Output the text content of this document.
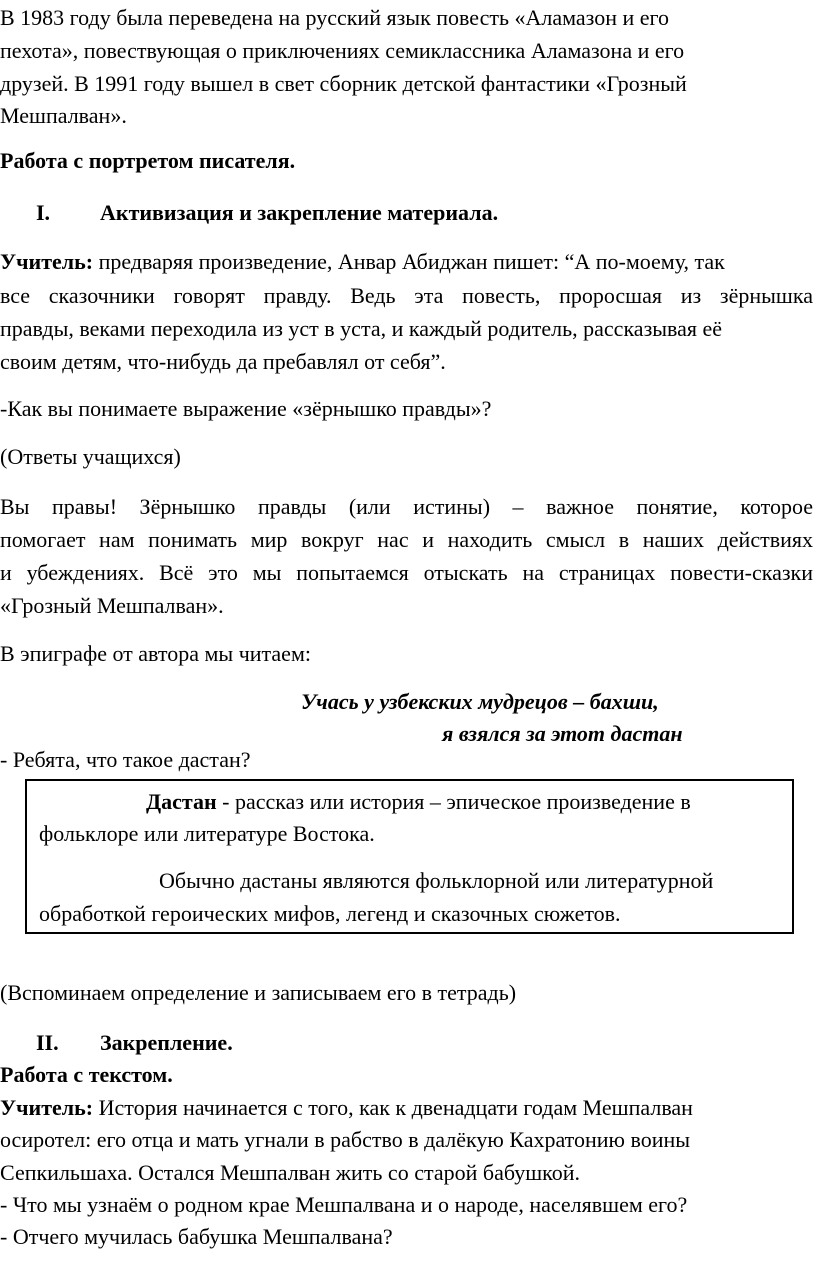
В 1983 году была переведена на русский язык повесть «Аламазон и его
пехота», повествующая о приключениях семиклассника Аламазона и его
друзей. В 1991 году вышел в свет сборник детской фантастики «Грозный
Мешпалван».
Работа с портретом писателя.
I. Активизация и закрепление материала.
Учитель: предваряя произведение, Анвар Абиджан пишет: “А по-моему, так
все сказочники говорят правду. Ведь эта повесть, проросшая из зёрнышка
правды, веками переходила из уст в уста, и каждый родитель, рассказывая её
своим детям, что-нибудь да пребавлял от себя”.
-Как вы понимаете выражение «зёрнышко правды»?
(Ответы учащихся)
Вы правы! Зёрнышко правды (или истины) – важное понятие, которое
помогает нам понимать мир вокруг нас и находить смысл в наших действиях
и убеждениях. Всё это мы попытаемся отыскать на страницах повести-сказки
«Грозный Мешпалван».
В эпиграфе от автора мы читаем:
Учась у узбекских мудрецов – бахши,
я взялся за этот дастан
- Ребята, что такое дастан?
Дастан - рассказ или история – эпическое произведение в
фольклоре или литературе Востока.
Обычно дастаны являются фольклорной или литературной
обработкой героических мифов, легенд и сказочных сюжетов.
(Вспоминаем определение и записываем его в тетрадь)
II. Закрепление.
Работа с текстом.
Учитель: История начинается с того, как к двенадцати годам Мешпалван
осиротел: его отца и мать угнали в рабство в далёкую Кахратонию воины
Сепкильшаха. Остался Мешпалван жить со старой бабушкой.
- Что мы узнаём о родном крае Мешпалвана и о народе, населявшем его?
- Отчего мучилась бабушка Мешпалвана?
